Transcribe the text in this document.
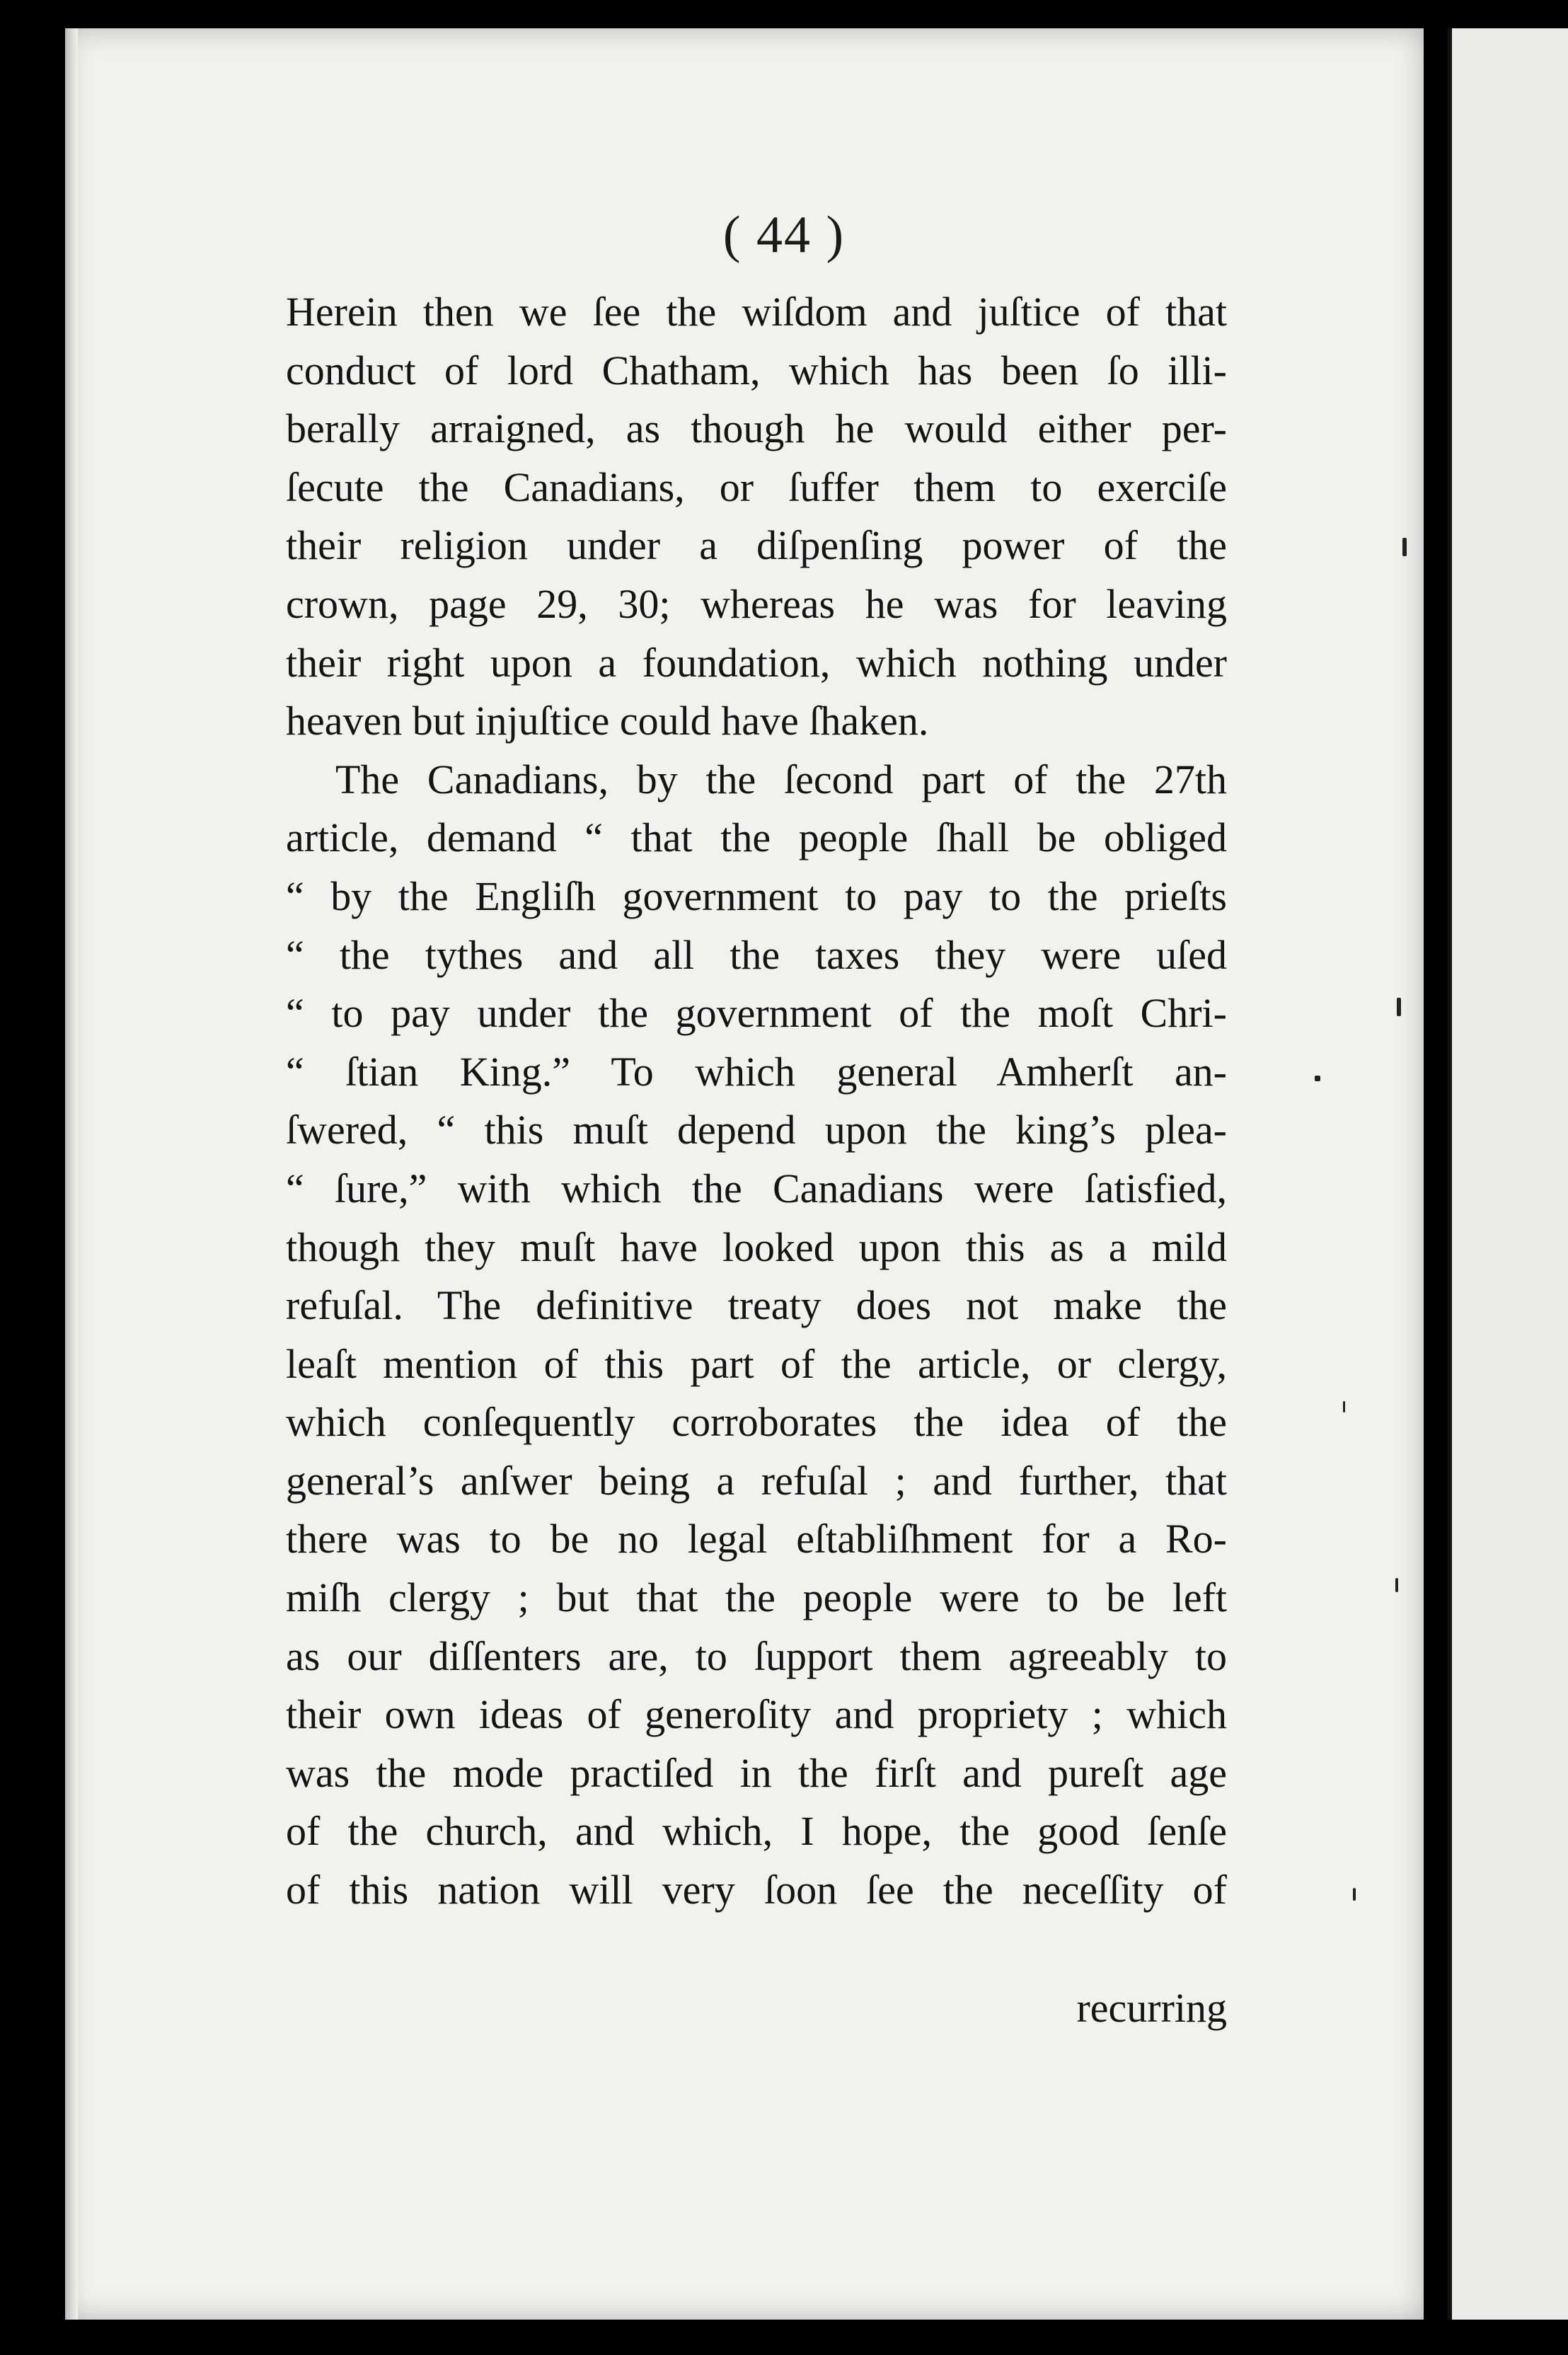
( 44 )
Herein then we ſee the wiſdom and juſtice of that
conduct of lord Chatham, which has been ſo illi-
berally arraigned, as though he would either per-
ſecute the Canadians, or ſuffer them to exerciſe
their religion under a diſpenſing power of the
crown, page 29, 30; whereas he was for leaving
their right upon a foundation, which nothing under
heaven but injuſtice could have ſhaken.
The Canadians, by the ſecond part of the 27th
article, demand “ that the people ſhall be obliged
“ by the Engliſh government to pay to the prieſts
“ the tythes and all the taxes they were uſed
“ to pay under the government of the moſt Chri-
“ ſtian King.” To which general Amherſt an-
ſwered, “ this muſt depend upon the king’s plea-
“ ſure,” with which the Canadians were ſatisfied,
though they muſt have looked upon this as a mild
refuſal. The definitive treaty does not make the
leaſt mention of this part of the article, or clergy,
which conſequently corroborates the idea of the
general’s anſwer being a refuſal ; and further, that
there was to be no legal eſtabliſhment for a Ro-
miſh clergy ; but that the people were to be left
as our diſſenters are, to ſupport them agreeably to
their own ideas of generoſity and propriety ; which
was the mode practiſed in the firſt and pureſt age
of the church, and which, I hope, the good ſenſe
of this nation will very ſoon ſee the neceſſity of
recurring
